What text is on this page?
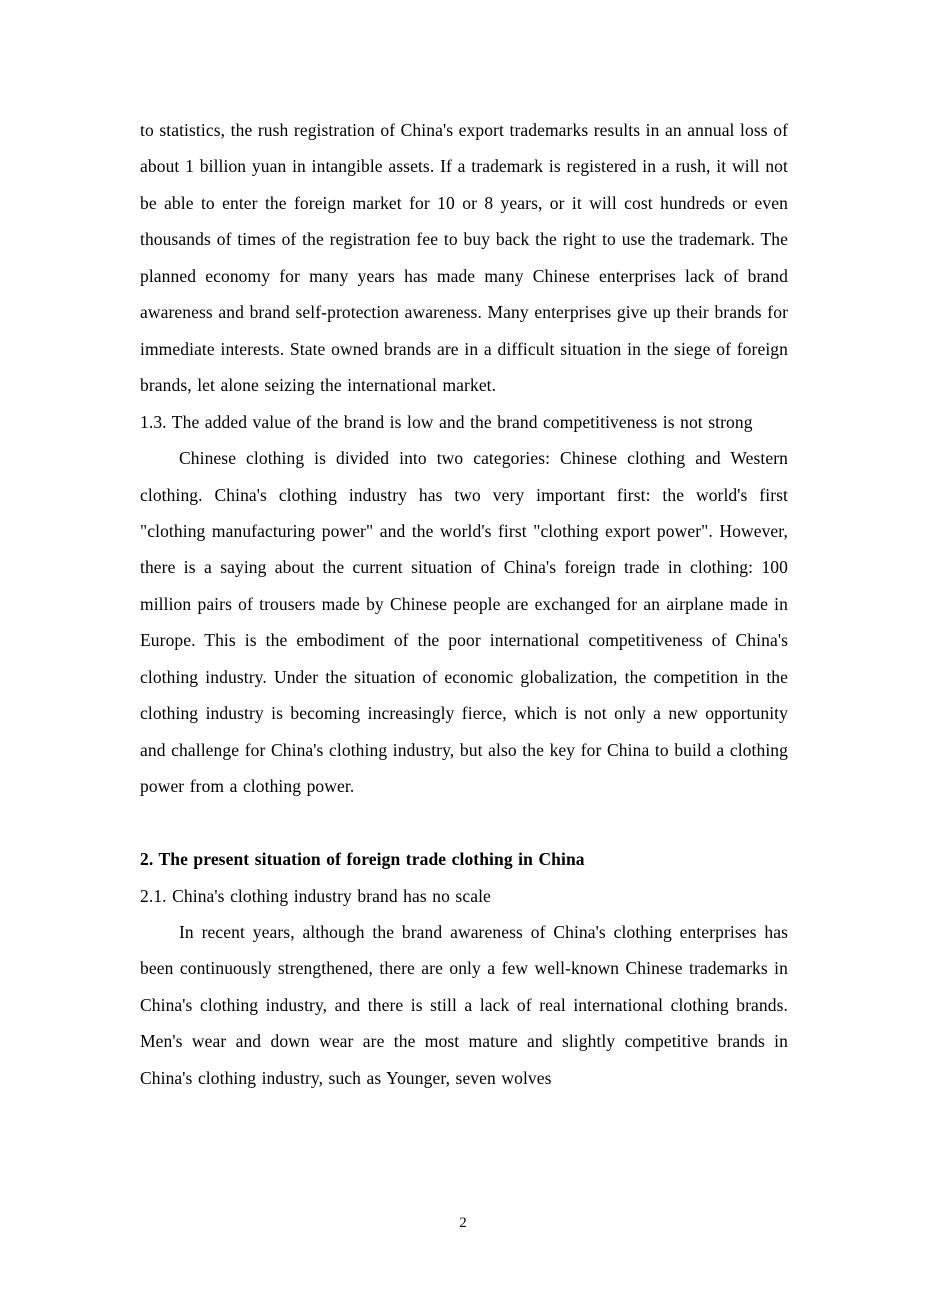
to statistics, the rush registration of China's export trademarks results in an annual loss of about 1 billion yuan in intangible assets. If a trademark is registered in a rush, it will not be able to enter the foreign market for 10 or 8 years, or it will cost hundreds or even thousands of times of the registration fee to buy back the right to use the trademark. The planned economy for many years has made many Chinese enterprises lack of brand awareness and brand self-protection awareness. Many enterprises give up their brands for immediate interests. State owned brands are in a difficult situation in the siege of foreign brands, let alone seizing the international market.

1.3. The added value of the brand is low and the brand competitiveness is not strong

Chinese clothing is divided into two categories: Chinese clothing and Western clothing. China's clothing industry has two very important first: the world's first "clothing manufacturing power" and the world's first "clothing export power". However, there is a saying about the current situation of China's foreign trade in clothing: 100 million pairs of trousers made by Chinese people are exchanged for an airplane made in Europe. This is the embodiment of the poor international competitiveness of China's clothing industry. Under the situation of economic globalization, the competition in the clothing industry is becoming increasingly fierce, which is not only a new opportunity and challenge for China's clothing industry, but also the key for China to build a clothing power from a clothing power.

2. The present situation of foreign trade clothing in China

2.1. China's clothing industry brand has no scale

In recent years, although the brand awareness of China's clothing enterprises has been continuously strengthened, there are only a few well-known Chinese trademarks in China's clothing industry, and there is still a lack of real international clothing brands. Men's wear and down wear are the most mature and slightly competitive brands in China's clothing industry, such as Younger, seven wolves

2
